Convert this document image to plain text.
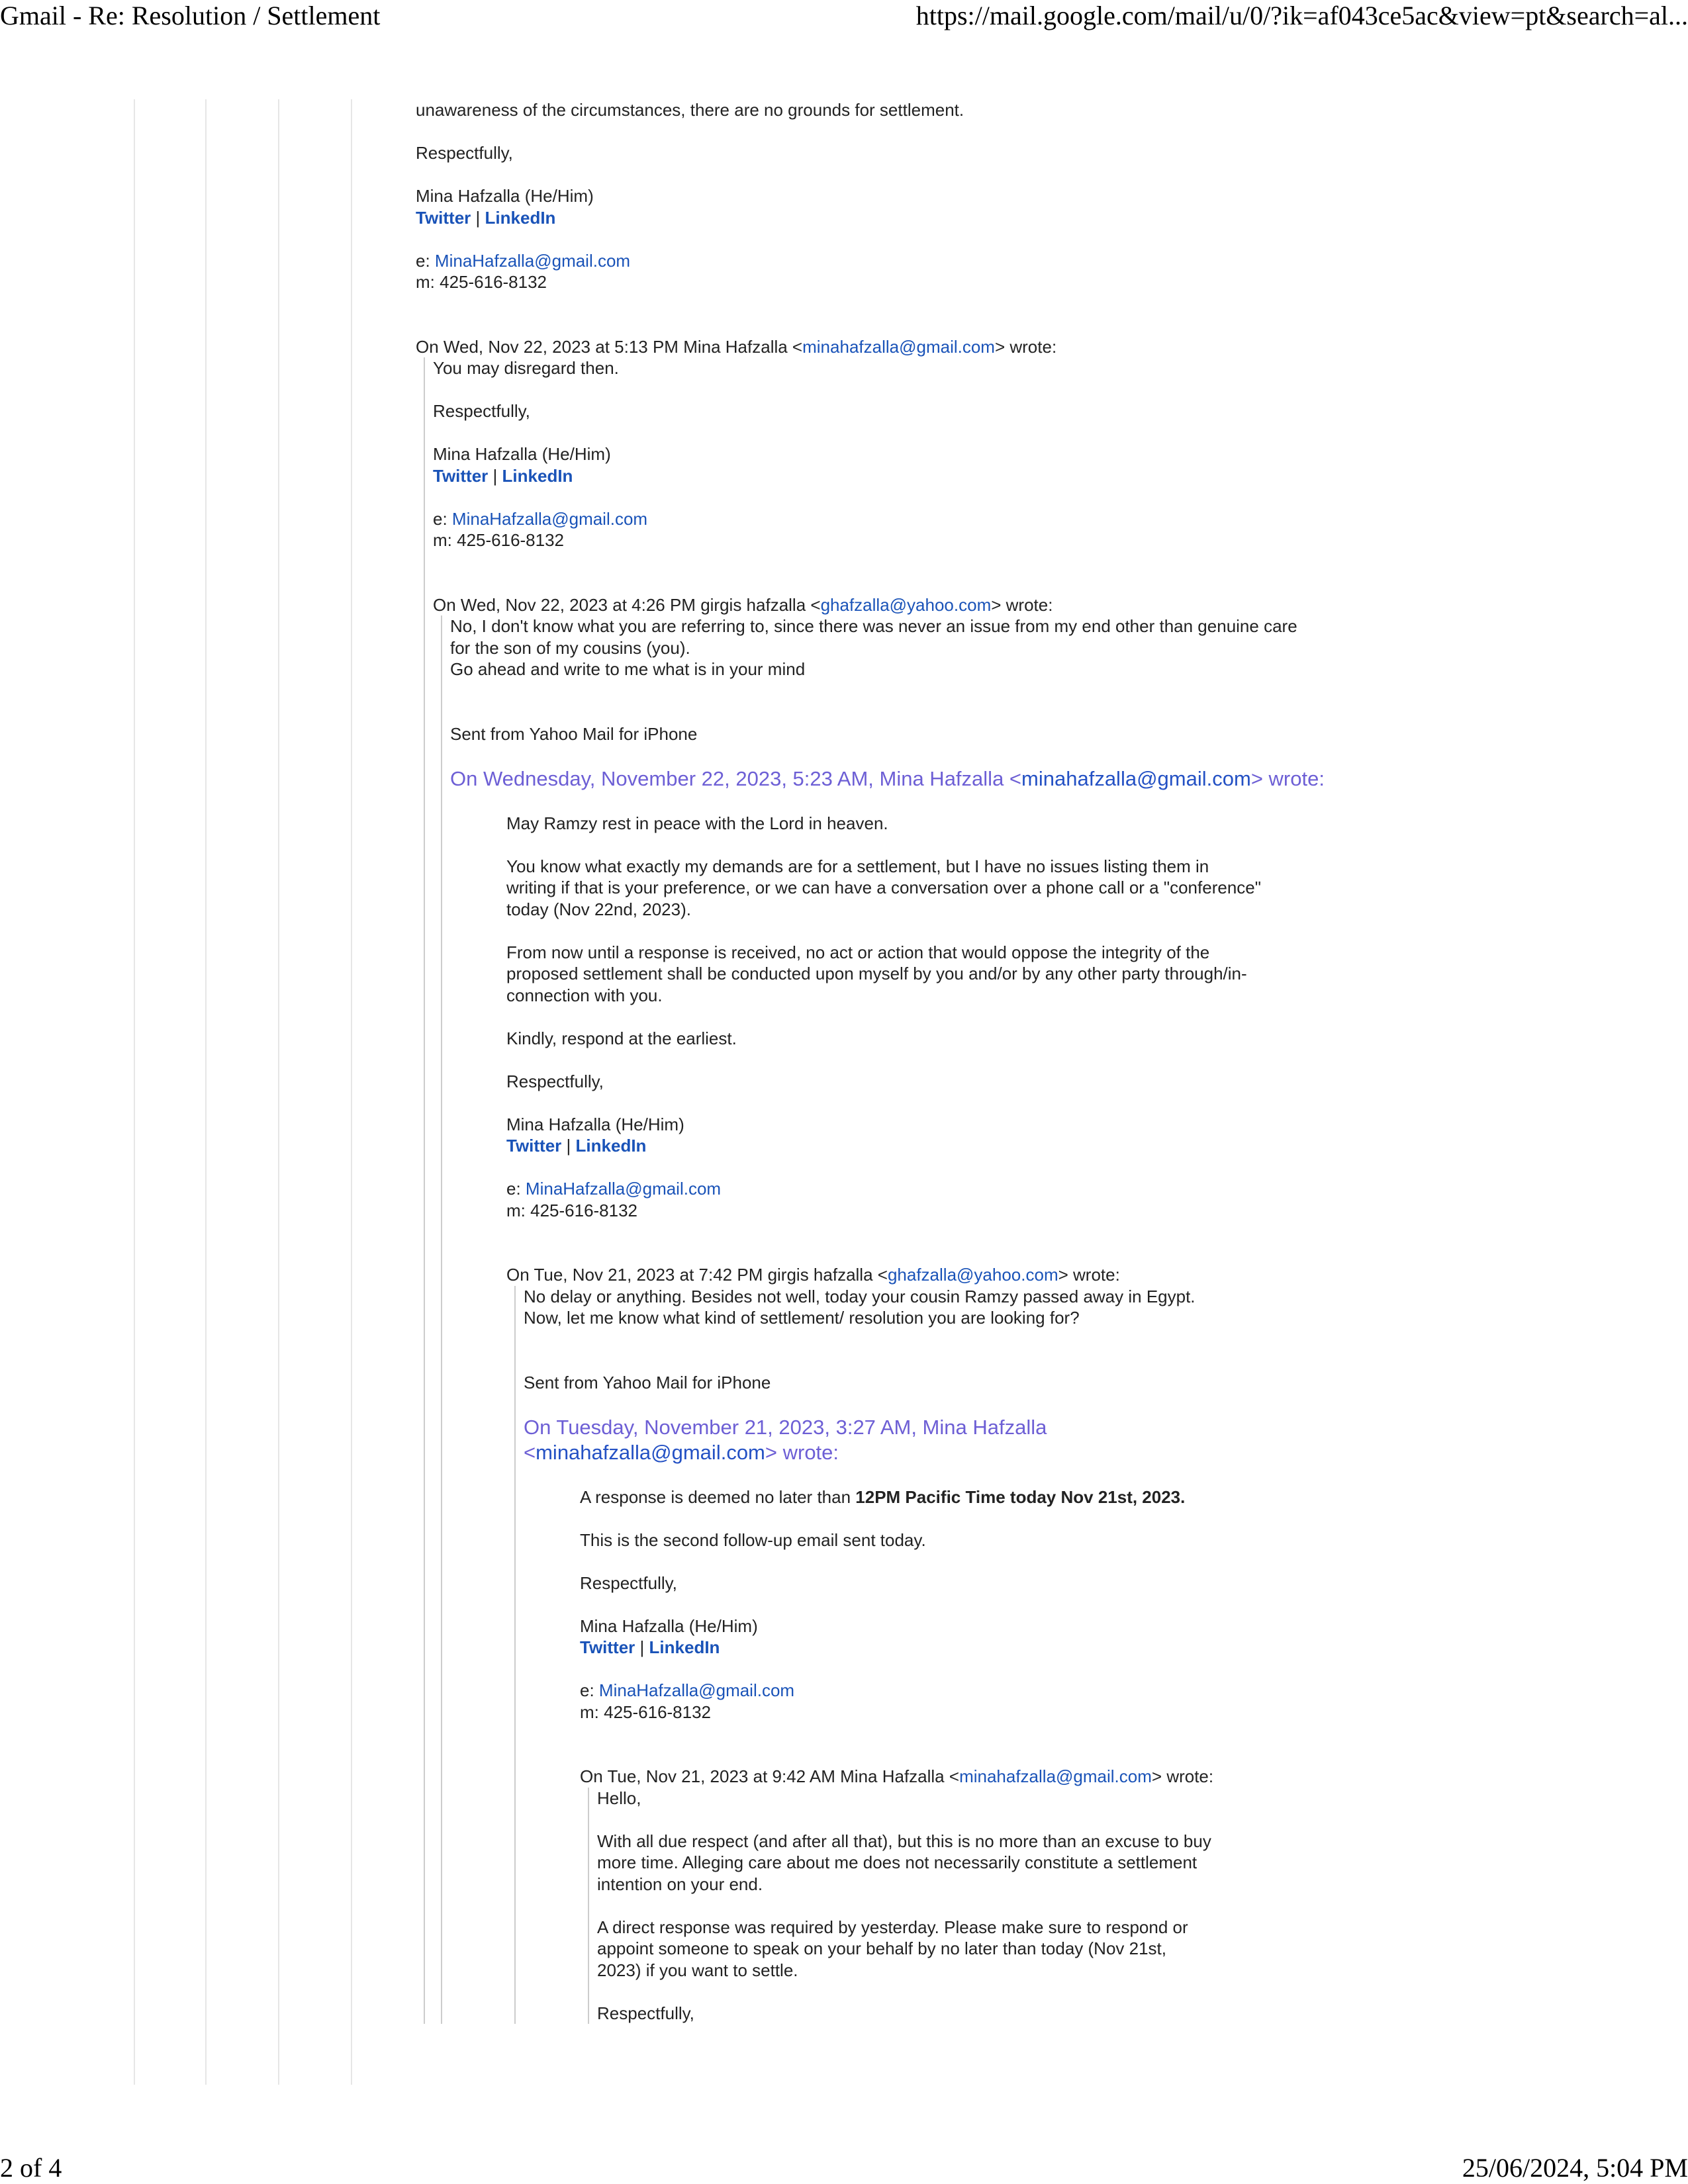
Gmail - Re: Resolution / Settlement	https://mail.google.com/mail/u/0/?ik=af043ce5ac&view=pt&search=al...

unawareness of the circumstances, there are no grounds for settlement.

Respectfully,

Mina Hafzalla (He/Him)
Twitter | LinkedIn
e: MinaHafzalla@gmail.com
m: 425-616-8132
On Wed, Nov 22, 2023 at 5:13 PM Mina Hafzalla <minahafzalla@gmail.com> wrote:

You may disregard then.

Respectfully,

Mina Hafzalla (He/Him)
Twitter | LinkedIn
e: MinaHafzalla@gmail.com
m: 425-616-8132
On Wed, Nov 22, 2023 at 4:26 PM girgis hafzalla <ghafzalla@yahoo.com> wrote:
No, I don't know what you are referring to, since there was never an issue from my end other than genuine care
for the son of my cousins (you).
Go ahead and write to me what is in your mind

Sent from Yahoo Mail for iPhone

On Wednesday, November 22, 2023, 5:23 AM, Mina Hafzalla <minahafzalla@gmail.com> wrote:

May Ramzy rest in peace with the Lord in heaven.

You know what exactly my demands are for a settlement, but I have no issues listing them in
writing if that is your preference, or we can have a conversation over a phone call or a "conference"
today (Nov 22nd, 2023).
From now until a response is received, no act or action that would oppose the integrity of the
proposed settlement shall be conducted upon myself by you and/or by any other party through/in-
connection with you.

Kindly, respond at the earliest.

Respectfully,

Mina Hafzalla (He/Him)
Twitter | LinkedIn
e: MinaHafzalla@gmail.com
m: 425-616-8132
On Tue, Nov 21, 2023 at 7:42 PM girgis hafzalla <ghafzalla@yahoo.com> wrote:
No delay or anything. Besides not well, today your cousin Ramzy passed away in Egypt.
Now, let me know what kind of settlement/ resolution you are looking for?

Sent from Yahoo Mail for iPhone

On Tuesday, November 21, 2023, 3:27 AM, Mina Hafzalla
<minahafzalla@gmail.com> wrote:

A response is deemed no later than 12PM Pacific Time today Nov 21st, 2023.

This is the second follow-up email sent today.

Respectfully,

Mina Hafzalla (He/Him)
Twitter | LinkedIn
e: MinaHafzalla@gmail.com
m: 425-616-8132
On Tue, Nov 21, 2023 at 9:42 AM Mina Hafzalla <minahafzalla@gmail.com> wrote:

Hello,

With all due respect (and after all that), but this is no more than an excuse to buy
more time. Alleging care about me does not necessarily constitute a settlement
intention on your end.
A direct response was required by yesterday. Please make sure to respond or
appoint someone to speak on your behalf by no later than today (Nov 21st,
2023) if you want to settle.

Respectfully,

2 of 4	25/06/2024, 5:04 PM
